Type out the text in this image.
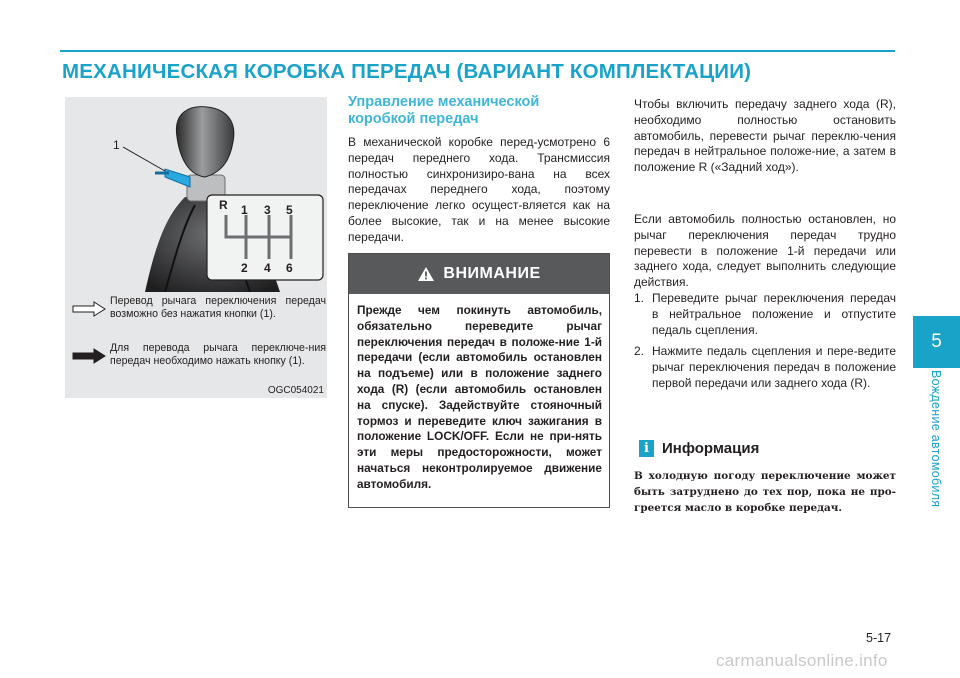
МЕХАНИЧЕСКАЯ КОРОБКА ПЕРЕДАЧ (ВАРИАНТ КОМПЛЕКТАЦИИ)
5
Вождение автомобиля
1
R 1 3 5
2 4 6
Перевод рычага переключения передач возможно без нажатия кнопки (1).
Для перевода рычага переключе-ния передач необходимо нажать кнопку (1).
OGC054021
Управление механической коробкой передач

В механической коробке перед-усмотрено 6 передач переднего хода. Трансмиссия полностью синхронизиро-вана на всех передачах переднего хода, поэтому переключение легко осущест-вляется как на более высокие, так и на менее высокие передачи.

ВНИМАНИЕ

Прежде чем покинуть автомобиль, обязательно переведите рычаг переключения передач в положе-ние 1-й передачи (если автомобиль остановлен на подъеме) или в положение заднего хода (R) (если автомобиль остановлен на спуске). Задействуйте стояночный тормоз и переведите ключ зажигания в положение LOCK/OFF. Если не при-нять эти меры предосторожности, может начаться неконтролируемое движение автомобиля.

Чтобы включить передачу заднего хода (R), необходимо полностью остановить автомобиль, перевести рычаг переклю-чения передач в нейтральное положе-ние, а затем в положение R («Задний ход»).

Если автомобиль полностью остановлен, но рычаг переключения передач трудно перевести в положение 1-й передачи или заднего хода, следует выполнить следующие действия.

1. Переведите рычаг переключения передач в нейтральное положение и отпустите педаль сцепления.
2. Нажмите педаль сцепления и пере-ведите рычаг переключения передач в положение первой передачи или заднего хода (R).
i Информация

В холодную погоду переключение может быть затруднено до тех пор, пока не про-греется масло в коробке передач.

5-17
carmanualsonline.info
